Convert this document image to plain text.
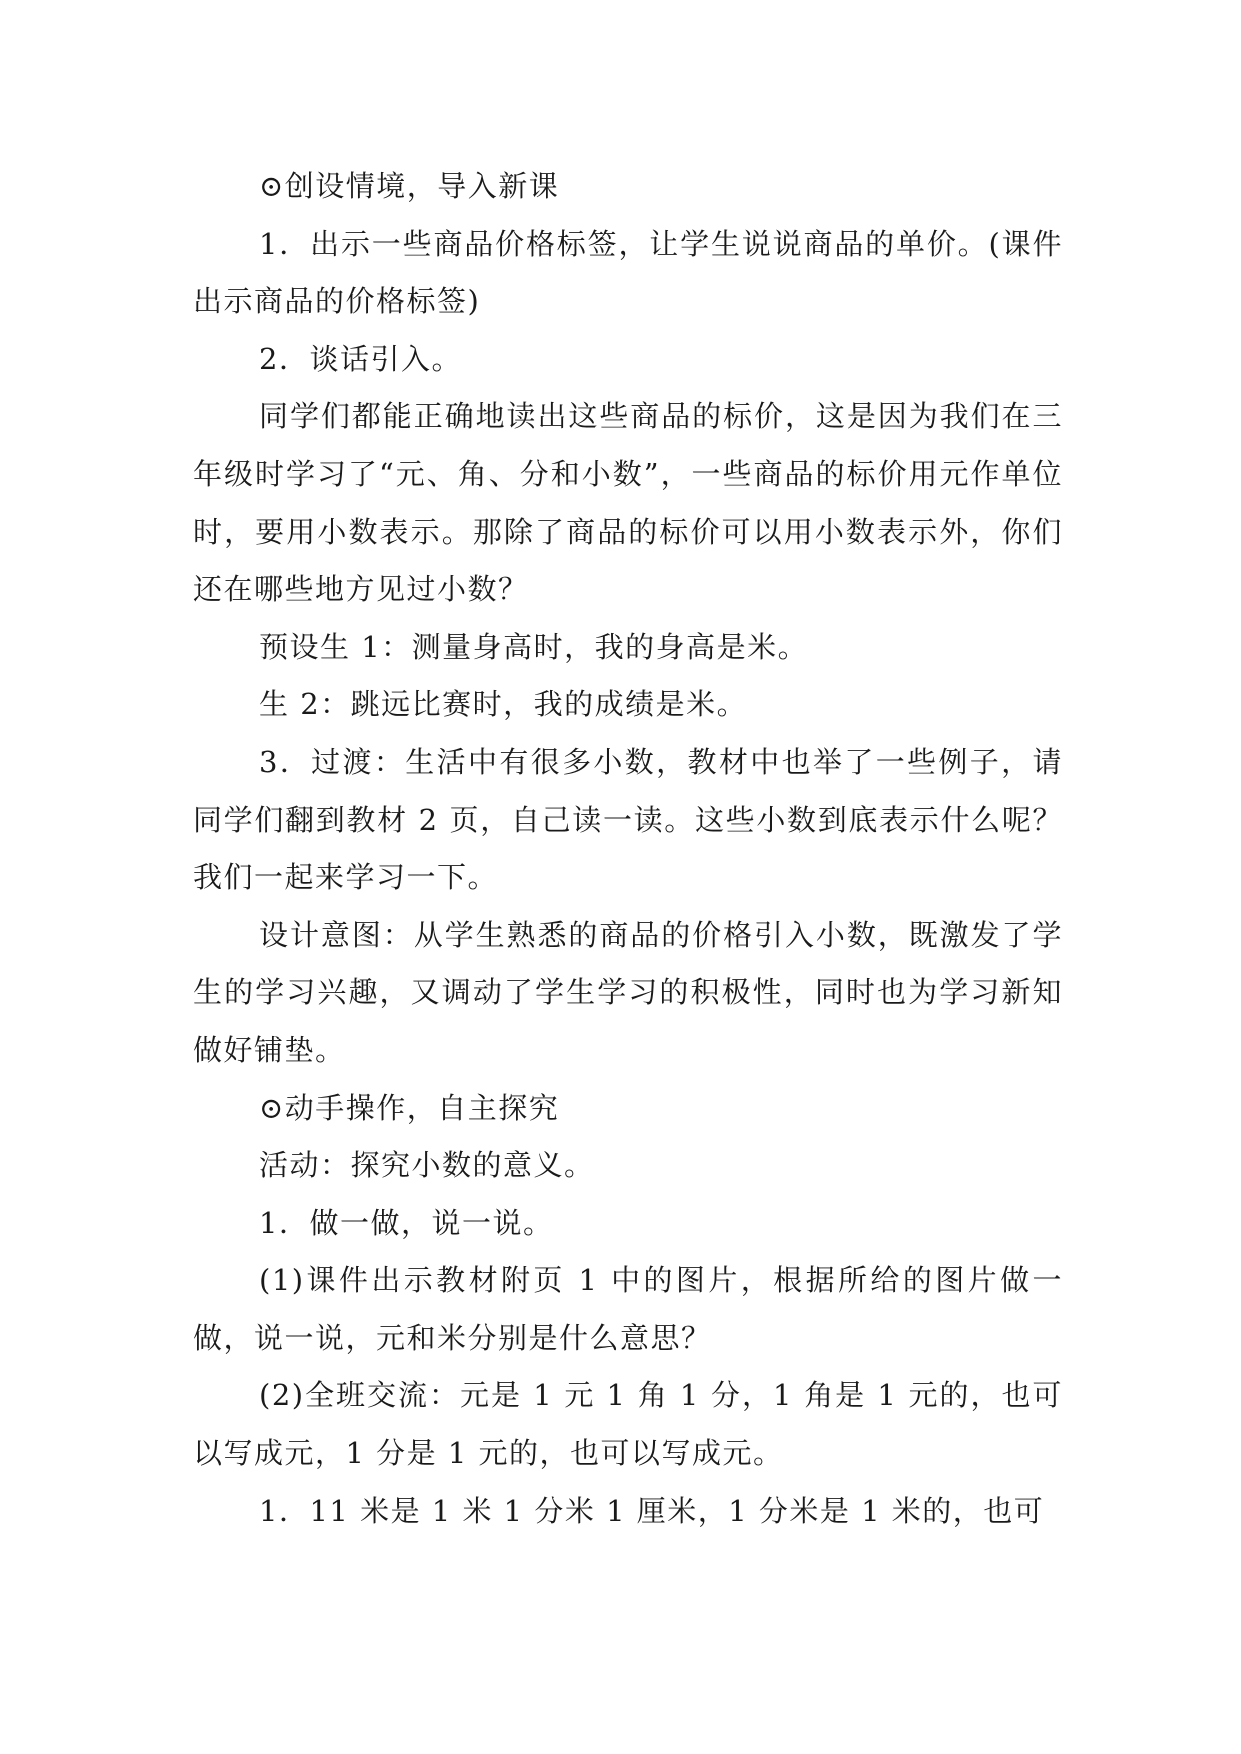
⊙创设情境，导入新课

1．出示一些商品价格标签，让学生说说商品的单价。(课件出示商品的价格标签)

2．谈话引入。

同学们都能正确地读出这些商品的标价，这是因为我们在三年级时学习了“元、角、分和小数”，一些商品的标价用元作单位时，要用小数表示。那除了商品的标价可以用小数表示外，你们还在哪些地方见过小数？

预设生 1：测量身高时，我的身高是米。

生 2：跳远比赛时，我的成绩是米。

3．过渡：生活中有很多小数，教材中也举了一些例子，请同学们翻到教材 2 页，自己读一读。这些小数到底表示什么呢？我们一起来学习一下。

设计意图：从学生熟悉的商品的价格引入小数，既激发了学生的学习兴趣，又调动了学生学习的积极性，同时也为学习新知做好铺垫。

⊙动手操作，自主探究

活动：探究小数的意义。

1．做一做，说一说。

(1)课件出示教材附页 1 中的图片，根据所给的图片做一做，说一说，元和米分别是什么意思？

(2)全班交流：元是 1 元 1 角 1 分，1 角是 1 元的，也可以写成元，1 分是 1 元的，也可以写成元。

1．11 米是 1 米 1 分米 1 厘米，1 分米是 1 米的，也可
